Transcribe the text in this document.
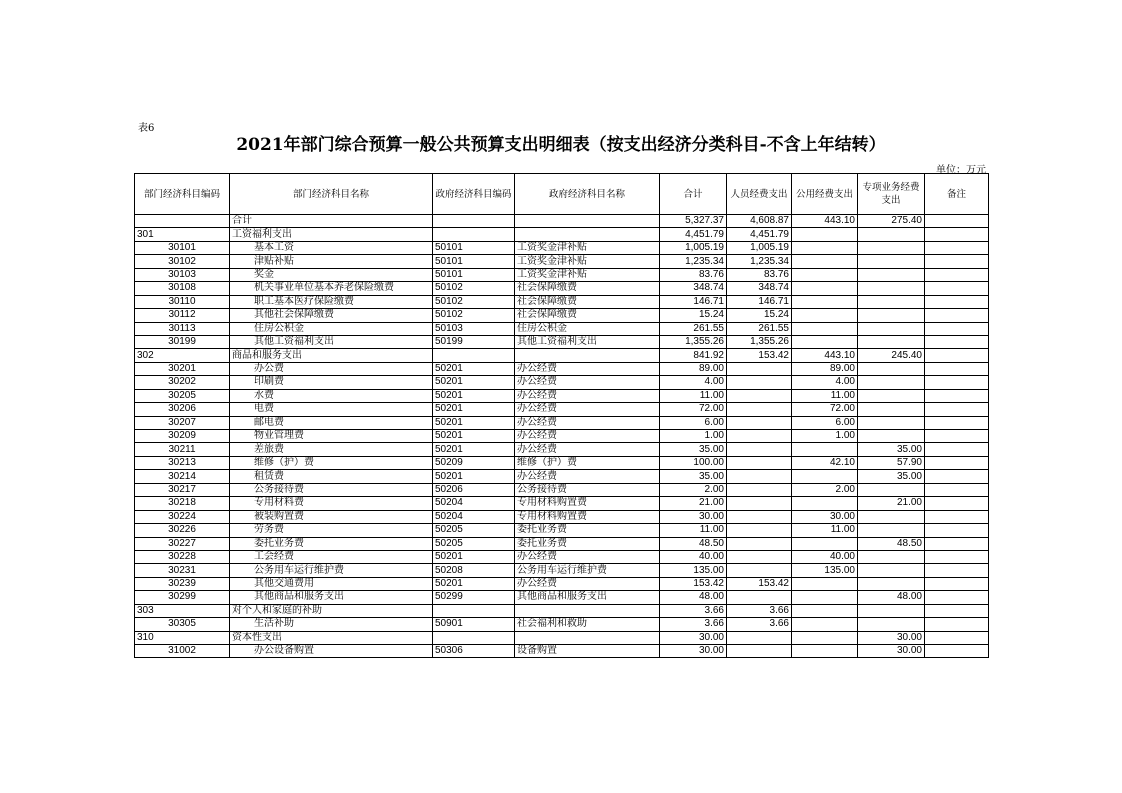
表6
2021年部门综合预算一般公共预算支出明细表（按支出经济分类科目-不含上年结转）
单位：万元
部门经济科目编码	部门经济科目名称	政府经济科目编码	政府经济科目名称	合计	人员经费支出	公用经费支出	专项业务经费支出	备注
	合计			5,327.37	4,608.87	443.10	275.40	
301	工资福利支出			4,451.79	4,451.79			
30101	基本工资	50101	工资奖金津补贴	1,005.19	1,005.19			
30102	津贴补贴	50101	工资奖金津补贴	1,235.34	1,235.34			
30103	奖金	50101	工资奖金津补贴	83.76	83.76			
30108	机关事业单位基本养老保险缴费	50102	社会保障缴费	348.74	348.74			
30110	职工基本医疗保险缴费	50102	社会保障缴费	146.71	146.71			
30112	其他社会保障缴费	50102	社会保障缴费	15.24	15.24			
30113	住房公积金	50103	住房公积金	261.55	261.55			
30199	其他工资福利支出	50199	其他工资福利支出	1,355.26	1,355.26			
302	商品和服务支出			841.92	153.42	443.10	245.40	
30201	办公费	50201	办公经费	89.00		89.00		
30202	印刷费	50201	办公经费	4.00		4.00		
30205	水费	50201	办公经费	11.00		11.00		
30206	电费	50201	办公经费	72.00		72.00		
30207	邮电费	50201	办公经费	6.00		6.00		
30209	物业管理费	50201	办公经费	1.00		1.00		
30211	差旅费	50201	办公经费	35.00			35.00	
30213	维修（护）费	50209	维修（护）费	100.00		42.10	57.90	
30214	租赁费	50201	办公经费	35.00			35.00	
30217	公务接待费	50206	公务接待费	2.00		2.00		
30218	专用材料费	50204	专用材料购置费	21.00			21.00	
30224	被装购置费	50204	专用材料购置费	30.00		30.00		
30226	劳务费	50205	委托业务费	11.00		11.00		
30227	委托业务费	50205	委托业务费	48.50			48.50	
30228	工会经费	50201	办公经费	40.00		40.00		
30231	公务用车运行维护费	50208	公务用车运行维护费	135.00		135.00		
30239	其他交通费用	50201	办公经费	153.42	153.42			
30299	其他商品和服务支出	50299	其他商品和服务支出	48.00			48.00	
303	对个人和家庭的补助			3.66	3.66			
30305	生活补助	50901	社会福利和救助	3.66	3.66			
310	资本性支出			30.00			30.00	
31002	办公设备购置	50306	设备购置	30.00			30.00	
